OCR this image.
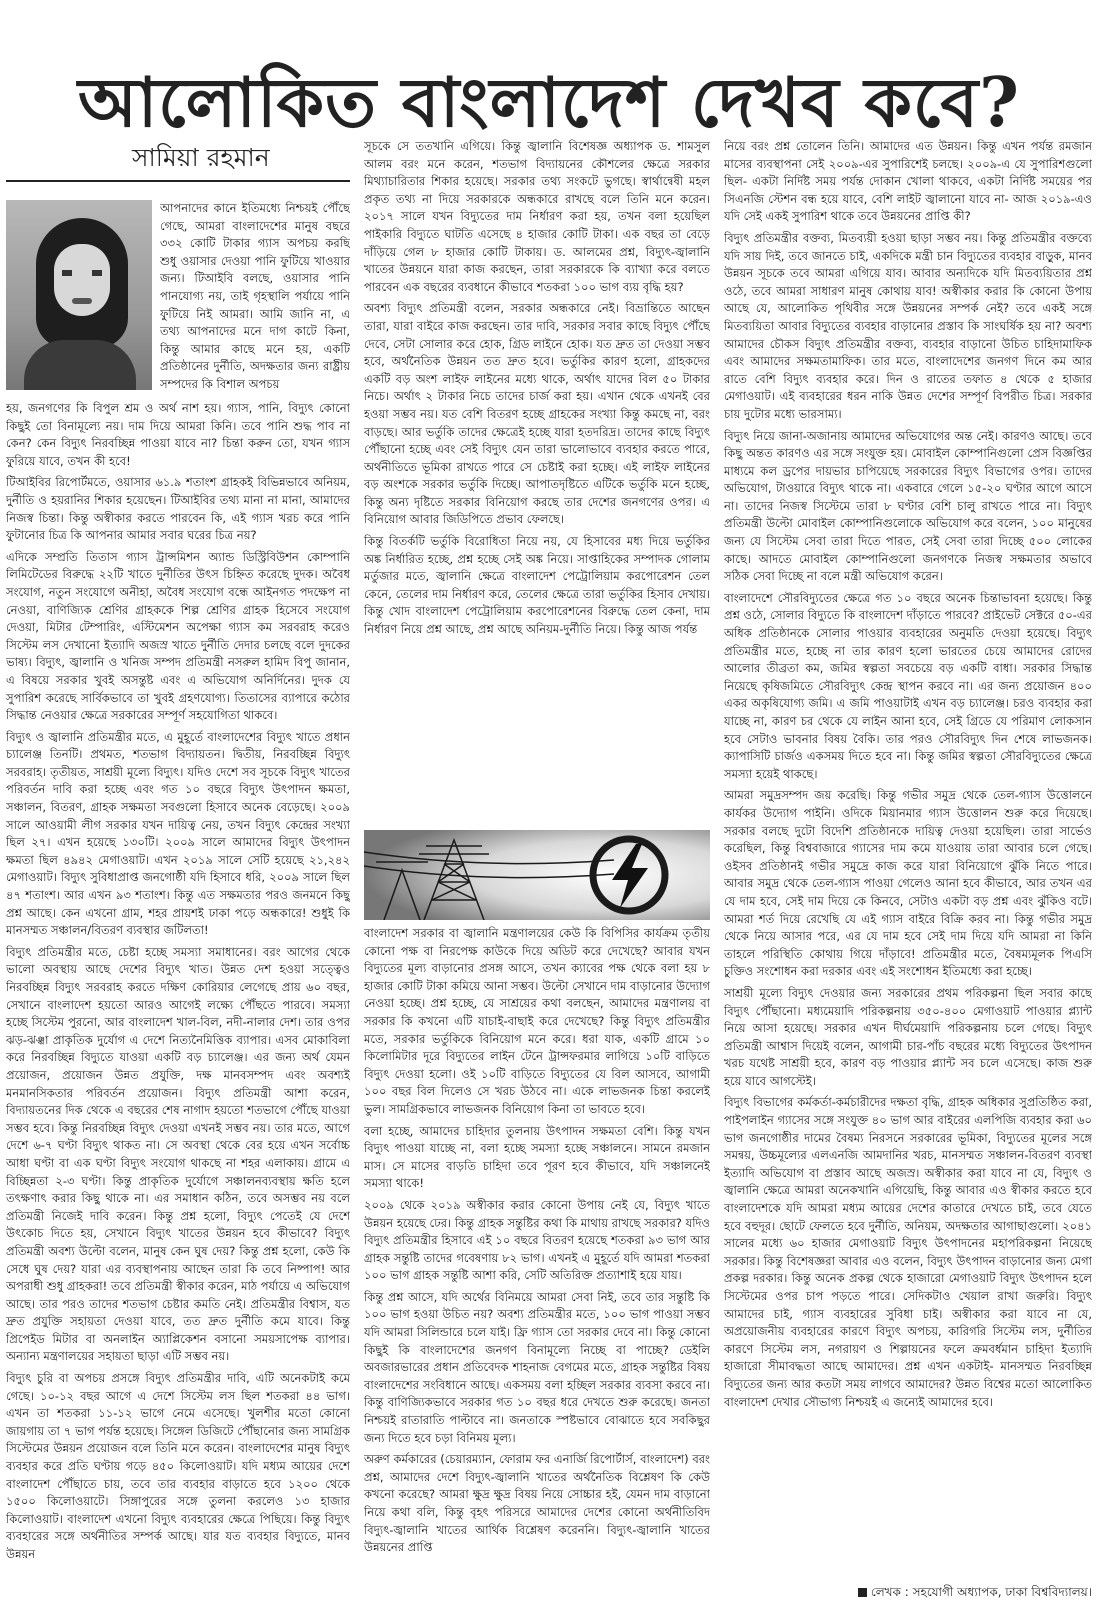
আলোকিত বাংলাদেশ দেখব কবে?
সামিয়া রহমান

আপনাদের কানে ইতিমধ্যে নিশ্চয়ই পৌঁছে গেছে, আমরা বাংলাদেশের মানুষ বছরে ৩৩২ কোটি টাকার গ্যাস অপচয় করছি শুধু ওয়াসার দেওয়া পানি ফুটিয়ে খাওয়ার জন্য। টিআইবি বলছে, ওয়াসার পানি পানযোগ্য নয়, তাই গৃহস্থালি পর্যায়ে পানি ফুটিয়ে নিই আমরা। আমি জানি না, এ তথ্য আপনাদের মনে দাগ কাটে কিনা, কিন্তু আমার কাছে মনে হয়, একটি প্রতিষ্ঠানের দুর্নীতি, অদক্ষতার জন্য রাষ্ট্রীয় সম্পদের কি বিশাল অপচয়

হয়, জনগণের কি বিপুল শ্রম ও অর্থ নাশ হয়। গ্যাস, পানি, বিদ্যুৎ কোনো কিছুই তো বিনামূল্যে নয়। দাম দিয়ে আমরা কিনি। তবে পানি শুদ্ধ পাব না কেন? কেন বিদ্যুৎ নিরবচ্ছিন্ন পাওয়া যাবে না? চিন্তা করুন তো, যখন গ্যাস ফুরিয়ে যাবে, তখন কী হবে!

টিআইবির রিপোর্টমতে, ওয়াসার ৬১.৯ শতাংশ গ্রাহকই বিভিন্নভাবে অনিয়ম, দুর্নীতি ও হয়রানির শিকার হয়েছেন। টিআইবির তথ্য মানা না মানা, আমাদের নিজস্ব চিন্তা। কিন্তু অস্বীকার করতে পারবেন কি, এই গ্যাস খরচ করে পানি ফুটানোর চিত্র কি আপনার আমার সবার ঘরের চিত্র নয়?

এদিকে সম্প্রতি তিতাস গ্যাস ট্রান্সমিশন অ্যান্ড ডিস্ট্রিবিউশন কোম্পানি লিমিটেডের বিরুদ্ধে ২২টি খাতে দুর্নীতির উৎস চিহ্নিত করেছে দুদক। অবৈধ সংযোগ, নতুন সংযোগে অনীহা, অবৈধ সংযোগ বন্ধে আইনগত পদক্ষেপ না নেওয়া, বাণিজ্যিক শ্রেণির গ্রাহককে শিল্প শ্রেণির গ্রাহক হিসেবে সংযোগ দেওয়া, মিটার টেম্পারিং, এস্টিমেশন অপেক্ষা গ্যাস কম সরবরাহ করেও সিস্টেম লস দেখানো ইত্যাদি অজস্র খাতে দুর্নীতি দেদার চলছে বলে দুদকের ভাষ্য। বিদ্যুৎ, জ্বালানি ও খনিজ সম্পদ প্রতিমন্ত্রী নসরুল হামিদ বিপু জানান, এ বিষয়ে সরকার খুবই অসন্তুষ্ট এবং এ অভিযোগ অনির্দিনের। দুদক যে সুপারিশ করেছে সার্বিকভাবে তা খুবই গ্রহণযোগ্য। তিতাসের ব্যাপারে কঠোর সিদ্ধান্ত নেওয়ার ক্ষেত্রে সরকারের সম্পূর্ণ সহযোগিতা থাকবে।

বিদ্যুৎ ও জ্বালানি প্রতিমন্ত্রীর মতে, এ মুহূর্তে বাংলাদেশের বিদ্যুৎ খাতে প্রধান চ্যালেঞ্জ তিনটি। প্রথমত, শতভাগ বিদ্যায়তন। দ্বিতীয়, নিরবচ্ছিন্ন বিদ্যুৎ সরবরাহ। তৃতীয়ত, সাশ্রয়ী মূল্যে বিদ্যুৎ। যদিও দেশে সব সূচকে বিদ্যুৎ খাতের পরিবর্তন দাবি করা হচ্ছে এবং গত ১০ বছরে বিদ্যুৎ উৎপাদন ক্ষমতা, সঞ্চালন, বিতরণ, গ্রাহক সক্ষমতা সবগুলো হিসাবে অনেক বেড়েছে। ২০০৯ সালে আওয়ামী লীগ সরকার যখন দায়িত্ব নেয়, তখন বিদ্যুৎ কেন্দ্রের সংখ্যা ছিল ২৭। এখন হয়েছে ১৩০টি। ২০০৯ সালে আমাদের বিদ্যুৎ উৎপাদন ক্ষমতা ছিল ৪৯৪২ মেগাওয়াট। এখন ২০১৯ সালে সেটি হয়েছে ২১,২৪২ মেগাওয়াট। বিদ্যুৎ সুবিধাপ্রাপ্ত জনগোষ্ঠী যদি হিসাবে ধরি, ২০০৯ সালে ছিল ৪৭ শতাংশ। আর এখন ৯৩ শতাংশ। কিন্তু এত সক্ষমতার পরও জনমনে কিছু প্রশ্ন আছে। কেন এখনো গ্রাম, শহর প্রায়শই ঢাকা পড়ে অন্ধকারে! শুধুই কি মানসম্মত সঞ্চালন/বিতরণ ব্যবস্থার জটিলতা!

বিদ্যুৎ প্রতিমন্ত্রীর মতে, চেষ্টা হচ্ছে সমস্যা সমাধানের। বরং আগের থেকে ভালো অবস্থায় আছে দেশের বিদ্যুৎ খাত। উন্নত দেশ হওয়া সত্ত্বেও নিরবচ্ছিন্ন বিদ্যুৎ সরবরাহ করতে দক্ষিণ কোরিয়ার লেগেছে প্রায় ৬০ বছর, সেখানে বাংলাদেশ হয়তো আরও আগেই লক্ষ্যে পৌঁছতে পারবে। সমস্যা হচ্ছে সিস্টেম পুরনো, আর বাংলাদেশ খাল-বিল, নদী-নালার দেশ। তার ওপর ঝড়-ঝঞ্ঝা প্রাকৃতিক দুর্যোগ এ দেশে নিত্যনৈমিত্তিক ব্যাপার। এসব মোকাবিলা করে নিরবচ্ছিন্ন বিদ্যুতে যাওয়া একটি বড় চ্যালেঞ্জ। এর জন্য অর্থ যেমন প্রয়োজন, প্রয়োজন উন্নত প্রযুক্তি, দক্ষ মানবসম্পদ এবং অবশ্যই মনমানসিকতার পরিবর্তন প্রয়োজন। বিদ্যুৎ প্রতিমন্ত্রী আশা করেন, বিদ্যায়তনের দিক থেকে এ বছরের শেষ নাগাদ হয়তো শতভাগে পৌঁছে যাওয়া সম্ভব হবে। কিন্তু নিরবচ্ছিন্ন বিদ্যুৎ দেওয়া এখনই সম্ভব নয়। তার মতে, আগে দেশে ৬-৭ ঘণ্টা বিদ্যুৎ থাকত না। সে অবস্থা থেকে বের হয়ে এখন সর্বোচ্চ আধা ঘণ্টা বা এক ঘণ্টা বিদ্যুৎ সংযোগ থাকছে না শহর এলাকায়। গ্রামে এ বিচ্ছিন্নতা ২-৩ ঘণ্টা। কিন্তু প্রাকৃতিক দুর্যোগে সঞ্চালনব্যবস্থায় ক্ষতি হলে তৎক্ষণাৎ করার কিছু থাকে না। এর সমাধান কঠিন, তবে অসম্ভব নয় বলে প্রতিমন্ত্রী নিজেই দাবি করেন। কিন্তু প্রশ্ন হলো, বিদ্যুৎ পেতেই যে দেশে উৎকোচ দিতে হয়, সেখানে বিদ্যুৎ খাতের উন্নয়ন হবে কীভাবে? বিদ্যুৎ প্রতিমন্ত্রী অবশ্য উল্টো বলেন, মানুষ কেন ঘুষ দেয়? কিন্তু প্রশ্ন হলো, কেউ কি সেধে ঘুষ দেয়? যারা এর ব্যবস্থাপনায় আছেন তারা কি তবে নিষ্পাপ! আর অপরাধী শুধু গ্রাহকরা! তবে প্রতিমন্ত্রী স্বীকার করেন, মাঠ পর্যায়ে এ অভিযোগ আছে। তার পরও তাদের শতভাগ চেষ্টার কমতি নেই। প্রতিমন্ত্রীর বিশ্বাস, যত দ্রুত প্রযুক্তি সহায়তা দেওয়া যাবে, তত দ্রুত দুর্নীতি কমে যাবে। কিন্তু প্রিপেইড মিটার বা অনলাইন অ্যাপ্লিকেশন বসানো সময়সাপেক্ষ ব্যাপার। অন্যান্য মন্ত্রণালয়ের সহায়তা ছাড়া এটি সম্ভব নয়।

বিদ্যুৎ চুরি বা অপচয় প্রসঙ্গে বিদ্যুৎ প্রতিমন্ত্রীর দাবি, এটি অনেকটাই কমে গেছে। ১০-১২ বছর আগে এ দেশে সিস্টেম লস ছিল শতকরা ৪৪ ভাগ। এখন তা শতকরা ১১-১২ ভাগে নেমে এসেছে। খুলশীর মতো কোনো জায়গায় তা ৭ ভাগ পর্যন্ত হয়েছে। সিঙ্গেল ডিজিটে পৌঁছানোর জন্য সামগ্রিক সিস্টেমের উন্নয়ন প্রয়োজন বলে তিনি মনে করেন। বাংলাদেশের মানুষ বিদ্যুৎ ব্যবহার করে প্রতি ঘণ্টায় গড়ে ৪৫০ কিলোওয়াট। যদি মধ্যম আয়ের দেশে বাংলাদেশ পৌঁছাতে চায়, তবে তার ব্যবহার বাড়াতে হবে ১২০০ থেকে ১৫০০ কিলোওয়াটে। সিঙ্গাপুরের সঙ্গে তুলনা করলেও ১৩ হাজার কিলোওয়াট। বাংলাদেশ এখনো বিদ্যুৎ ব্যবহারের ক্ষেত্রে পিছিয়ে। কিন্তু বিদ্যুৎ ব্যবহারের সঙ্গে অর্থনীতির সম্পর্ক আছে। যার যত ব্যবহার বিদ্যুতে, মানব উন্নয়ন

সূচকে সে ততখানি এগিয়ে। কিন্তু জ্বালানি বিশেষজ্ঞ অধ্যাপক ড. শামসুল আলম বরং মনে করেন, শতভাগ বিদ্যায়নের কৌশলের ক্ষেত্রে সরকার মিথ্যাচারিতার শিকার হয়েছে। সরকার তথ্য সংকটে ভুগছে। স্বার্থান্বেষী মহল প্রকৃত তথ্য না দিয়ে সরকারকে অন্ধকারে রাখছে বলে তিনি মনে করেন। ২০১৭ সালে যখন বিদ্যুতের দাম নির্ধারণ করা হয়, তখন বলা হয়েছিল পাইকারি বিদ্যুতে ঘাটতি এসেছে ৪ হাজার কোটি টাকা। এক বছর তা বেড়ে দাঁড়িয়ে গেল ৮ হাজার কোটি টাকায়। ড. আলমের প্রশ্ন, বিদ্যুৎ-জ্বালানি খাতের উন্নয়নে যারা কাজ করছেন, তারা সরকারকে কি ব্যাখ্যা করে বলতে পারবেন এক বছরের ব্যবধানে কীভাবে শতকরা ১০০ ভাগ ব্যয় বৃদ্ধি হয়?

অবশ্য বিদ্যুৎ প্রতিমন্ত্রী বলেন, সরকার অন্ধকারে নেই। বিভ্রান্তিতে আছেন তারা, যারা বাইরে কাজ করছেন। তার দাবি, সরকার সবার কাছে বিদ্যুৎ পৌঁছে দেবে, সেটা সোলার করে হোক, গ্রিড লাইনে হোক। যত দ্রুত তা দেওয়া সম্ভব হবে, অর্থনৈতিক উন্নয়ন তত দ্রুত হবে। ভর্তুকির কারণ হলো, গ্রাহকদের একটি বড় অংশ লাইফ লাইনের মধ্যে থাকে, অর্থাৎ যাদের বিল ৫০ টাকার নিচে। অর্থাৎ ২ টাকার নিচে তাদের চার্জ করা হয়। এখান থেকে এখনই বের হওয়া সম্ভব নয়। যত বেশি বিতরণ হচ্ছে গ্রাহকের সংখ্যা কিন্তু কমছে না, বরং বাড়ছে। আর ভর্তুকি তাদের ক্ষেত্রেই হচ্ছে যারা হতদরিদ্র। তাদের কাছে বিদ্যুৎ পৌঁছানো হচ্ছে এবং সেই বিদ্যুৎ যেন তারা ভালোভাবে ব্যবহার করতে পারে, অর্থনীতিতে ভূমিকা রাখতে পারে সে চেষ্টাই করা হচ্ছে। এই লাইফ লাইনের বড় অংশকে সরকার ভর্তুকি দিচ্ছে। আপাতদৃষ্টিতে এটিকে ভর্তুকি মনে হচ্ছে, কিন্তু অন্য দৃষ্টিতে সরকার বিনিয়োগ করছে তার দেশের জনগণের ওপর। এ বিনিয়োগ আবার জিডিপিতে প্রভাব ফেলছে।

কিন্তু বিতর্কটি ভর্তুকি বিরোধিতা নিয়ে নয়, যে হিসাবের মধ্য দিয়ে ভর্তুকির অঙ্ক নির্ধারিত হচ্ছে, প্রশ্ন হচ্ছে সেই অঙ্ক নিয়ে। সাপ্তাহিকের সম্পাদক গোলাম মর্তুজার মতে, জ্বালানি ক্ষেত্রে বাংলাদেশ পেট্রোলিয়াম করপোরেশন তেল কেনে, তেলের দাম নির্ধারণ করে, তেলের ক্ষেত্রে তারা ভর্তুকির হিসাব দেখায়। কিন্তু খোদ বাংলাদেশ পেট্রোলিয়াম করপোরেশনের বিরুদ্ধে তেল কেনা, দাম নির্ধারণ নিয়ে প্রশ্ন আছে, প্রশ্ন আছে অনিয়ম-দুর্নীতি নিয়ে। কিন্তু আজ পর্যন্ত

বাংলাদেশ সরকার বা জ্বালানি মন্ত্রণালয়ের কেউ কি বিপিসির কার্যক্রম তৃতীয় কোনো পক্ষ বা নিরপেক্ষ কাউকে দিয়ে অডিট করে দেখেছে? আবার যখন বিদ্যুতের মূল্য বাড়ানোর প্রসঙ্গ আসে, তখন ক্যাবের পক্ষ থেকে বলা হয় ৮ হাজার কোটি টাকা কমিয়ে আনা সম্ভব। উল্টো সেখানে দাম বাড়ানোর উদ্যোগ নেওয়া হচ্ছে। প্রশ্ন হচ্ছে, যে সাশ্রয়ের কথা বলছেন, আমাদের মন্ত্রণালয় বা সরকার কি কখনো এটি যাচাই-বাছাই করে দেখেছে? কিন্তু বিদ্যুৎ প্রতিমন্ত্রীর মতে, সরকার ভর্তুকিকে বিনিয়োগ মনে করে। ধরা যাক, একটি গ্রামে ১০ কিলোমিটার দূরে বিদ্যুতের লাইন টেনে ট্রান্সফরমার লাগিয়ে ১০টি বাড়িতে বিদ্যুৎ দেওয়া হলো। ওই ১০টি বাড়িতে বিদ্যুতের যে বিল আসবে, আগামী ১০০ বছর বিল দিলেও সে খরচ উঠবে না। একে লাভজনক চিন্তা করলেই ভুল। সামগ্রিকভাবে লাভজনক বিনিয়োগ কিনা তা ভাবতে হবে।

বলা হচ্ছে, আমাদের চাহিদার তুলনায় উৎপাদন সক্ষমতা বেশি। কিন্তু যখন বিদ্যুৎ পাওয়া যাচ্ছে না, বলা হচ্ছে সমস্যা হচ্ছে সঞ্চালনে। সামনে রমজান মাস। সে মাসের বাড়তি চাহিদা তবে পূরণ হবে কীভাবে, যদি সঞ্চালনেই সমস্যা থাকে!

২০০৯ থেকে ২০১৯ অস্বীকার করার কোনো উপায় নেই যে, বিদ্যুৎ খাতে উন্নয়ন হয়েছে ঢের। কিন্তু গ্রাহক সন্তুষ্টির কথা কি মাথায় রাখছে সরকার? যদিও বিদ্যুৎ প্রতিমন্ত্রীর হিসাবে এই ১০ বছরে বিতরণ হয়েছে শতকরা ৯৩ ভাগ আর গ্রাহক সন্তুষ্টি তাদের গবেষণায় ৮২ ভাগ। এখনই এ মুহূর্তে যদি আমরা শতকরা ১০০ ভাগ গ্রাহক সন্তুষ্টি আশা করি, সেটি অতিরিক্ত প্রত্যাশাই হয়ে যায়।

কিন্তু প্রশ্ন আসে, যদি অর্থের বিনিময়ে আমরা সেবা নিই, তবে তার সন্তুষ্টি কি ১০০ ভাগ হওয়া উচিত নয়? অবশ্য প্রতিমন্ত্রীর মতে, ১০০ ভাগ পাওয়া সম্ভব যদি আমরা সিলিন্ডারে চলে যাই। ফ্রি গ্যাস তো সরকার দেবে না। কিন্তু কোনো কিছুই কি বাংলাদেশের জনগণ বিনামূল্যে নিচ্ছে বা পাচ্ছে? ডেইলি অবজারভারের প্রধান প্রতিবেদক শাহনাজ বেগমের মতে, গ্রাহক সন্তুষ্টির বিষয় বাংলাদেশের সংবিধানে আছে। একসময় বলা হচ্ছিল সরকার ব্যবসা করবে না। কিন্তু বাণিজ্যিকভাবে সরকার গত ১০ বছর ধরে দেখতে শুরু করেছে। জনতা নিশ্চয়ই রাতারাতি পাল্টাবে না। জনতাকে স্পষ্টভাবে বোঝাতে হবে সবকিছুর জন্য দিতে হবে চড়া বিনিময় মূল্য।

অরুণ কর্মকারের (চেয়ারম্যান, ফোরাম ফর এনার্জি রিপোর্টার্স, বাংলাদেশ) বরং প্রশ্ন, আমাদের দেশে বিদ্যুৎ-জ্বালানি খাতের অর্থনৈতিক বিশ্লেষণ কি কেউ কখনো করেছে? আমরা ক্ষুদ্র ক্ষুদ্র বিষয় নিয়ে সোচ্চার হই, যেমন দাম বাড়ানো নিয়ে কথা বলি, কিন্তু বৃহৎ পরিসরে আমাদের দেশের কোনো অর্থনীতিবিদ বিদ্যুৎ-জ্বালানি খাতের আর্থিক বিশ্লেষণ করেননি। বিদ্যুৎ-জ্বালানি খাতের উন্নয়নের প্রাপ্তি

নিয়ে বরং প্রশ্ন তোলেন তিনি। আমাদের এত উন্নয়ন। কিন্তু এখন পর্যন্ত রমজান মাসের ব্যবস্থাপনা সেই ২০০৯-এর সুপারিশেই চলছে। ২০০৯-এ যে সুপারিশগুলো ছিল- একটা নির্দিষ্ট সময় পর্যন্ত দোকান খোলা থাকবে, একটা নির্দিষ্ট সময়ের পর সিএনজি স্টেশন বন্ধ হয়ে যাবে, বেশি লাইট জ্বালানো যাবে না- আজ ২০১৯-এও যদি সেই একই সুপারিশ থাকে তবে উন্নয়নের প্রাপ্তি কী?

বিদ্যুৎ প্রতিমন্ত্রীর বক্তব্য, মিতব্যয়ী হওয়া ছাড়া সম্ভব নয়। কিন্তু প্রতিমন্ত্রীর বক্তব্যে যদি সায় দিই, তবে জানতে চাই, একদিকে মন্ত্রী চান বিদ্যুতের ব্যবহার বাড়ুক, মানব উন্নয়ন সূচকে তবে আমরা এগিয়ে যাব। আবার অন্যদিকে যদি মিতব্যয়িতার প্রশ্ন ওঠে, তবে আমরা সাধারণ মানুষ কোথায় যাব! অস্বীকার করার কি কোনো উপায় আছে যে, আলোকিত পৃথিবীর সঙ্গে উন্নয়নের সম্পর্ক নেই? তবে একই সঙ্গে মিতব্যয়িতা আবার বিদ্যুতের ব্যবহার বাড়ানোর প্রস্তাব কি সাংঘর্ষিক হয় না? অবশ্য আমাদের চৌকস বিদ্যুৎ প্রতিমন্ত্রীর বক্তব্য, ব্যবহার বাড়ানো উচিত চাহিদামাফিক এবং আমাদের সক্ষমতামাফিক। তার মতে, বাংলাদেশের জনগণ দিনে কম আর রাতে বেশি বিদ্যুৎ ব্যবহার করে। দিন ও রাতের তফাত ৪ থেকে ৫ হাজার মেগাওয়াট। এই ব্যবহারের ধরন নাকি উন্নত দেশের সম্পূর্ণ বিপরীত চিত্র। সরকার চায় দুটোর মধ্যে ভারসাম্য।

বিদ্যুৎ নিয়ে জানা-অজানায় আমাদের অভিযোগের অন্ত নেই। কারণও আছে। তবে কিছু অন্তত কারণও এর সঙ্গে সংযুক্ত হয়। মোবাইল কোম্পানিগুলো প্রেস বিজ্ঞপ্তির মাধ্যমে কল ড্রপের দায়ভার চাপিয়েছে সরকারের বিদ্যুৎ বিভাগের ওপর। তাদের অভিযোগ, টাওয়ারে বিদ্যুৎ থাকে না। একবারে গেলে ১৫-২০ ঘণ্টার আগে আসে না। তাদের নিজস্ব সিস্টেমে তারা ৮ ঘণ্টার বেশি চালু রাখতে পারে না। বিদ্যুৎ প্রতিমন্ত্রী উল্টো মোবাইল কোম্পানিগুলোকে অভিযোগ করে বলেন, ১০০ মানুষের জন্য যে সিস্টেম সেবা তারা দিতে পারত, সেই সেবা তারা দিচ্ছে ৫০০ লোকের কাছে। আদতে মোবাইল কোম্পানিগুলো জনগণকে নিজস্ব সক্ষমতার অভাবে সঠিক সেবা দিচ্ছে না বলে মন্ত্রী অভিযোগ করেন।

বাংলাদেশে সৌরবিদ্যুতের ক্ষেত্রে গত ১০ বছরে অনেক চিন্তাভাবনা হয়েছে। কিন্তু প্রশ্ন ওঠে, সোলার বিদ্যুতে কি বাংলাদেশ দাঁড়াতে পারবে? প্রাইভেট সেক্টরে ৫০-এর অধিক প্রতিষ্ঠানকে সোলার পাওয়ার ব্যবহারের অনুমতি দেওয়া হয়েছে। বিদ্যুৎ প্রতিমন্ত্রীর মতে, হচ্ছে না তার কারণ হলো ভারতের চেয়ে আমাদের রোদের আলোর তীব্রতা কম, জমির স্বল্পতা সবচেয়ে বড় একটি বাধা। সরকার সিদ্ধান্ত নিয়েছে কৃষিজমিতে সৌরবিদ্যুৎ কেন্দ্র স্থাপন করবে না। এর জন্য প্রয়োজন ৪০০ একর অকৃষিযোগ্য জমি। এ জমি পাওয়াটাই এখন বড় চ্যালেঞ্জ। চরও ব্যবহার করা যাচ্ছে না, কারণ চর থেকে যে লাইন আনা হবে, সেই গ্রিডে যে পরিমাণ লোকসান হবে সেটাও ভাবনার বিষয় বৈকি। তার পরও সৌরবিদ্যুৎ দিন শেষে লাভজনক। ক্যাপাসিটি চার্জও একসময় দিতে হবে না। কিন্তু জমির স্বল্পতা সৌরবিদ্যুতের ক্ষেত্রে সমস্যা হয়েই থাকছে।

আমরা সমুদ্রসম্পদ জয় করেছি। কিন্তু গভীর সমুদ্র থেকে তেল-গ্যাস উত্তোলনে কার্যকর উদ্যোগ পাইনি। ওদিকে মিয়ানমার গ্যাস উত্তোলন শুরু করে দিয়েছে। সরকার বলছে দুটো বিদেশি প্রতিষ্ঠানকে দায়িত্ব দেওয়া হয়েছিল। তারা সার্ভেও করেছিল, কিন্তু বিশ্ববাজারে গ্যাসের দাম কমে যাওয়ায় তারা আবার চলে গেছে। ওইসব প্রতিষ্ঠানই গভীর সমুদ্রে কাজ করে যারা বিনিয়োগে ঝুঁকি নিতে পারে। আবার সমুদ্র থেকে তেল-গ্যাস পাওয়া গেলেও আনা হবে কীভাবে, আর তখন এর যে দাম হবে, সেই দাম দিয়ে কে কিনবে, সেটাও একটা বড় প্রশ্ন এবং ঝুঁকিও বটে। আমরা শর্ত দিয়ে রেখেছি যে এই গ্যাস বাইরে বিক্রি করব না। কিন্তু গভীর সমুদ্র থেকে নিয়ে আসার পরে, এর যে দাম হবে সেই দাম দিয়ে যদি আমরা না কিনি তাহলে পরিস্থিতি কোথায় গিয়ে দাঁড়াবে! প্রতিমন্ত্রীর মতে, বৈষম্যমূলক পিএসি চুক্তিও সংশোধন করা দরকার এবং এই সংশোধন ইতিমধ্যে করা হচ্ছে।

সাশ্রয়ী মূল্যে বিদ্যুৎ দেওয়ার জন্য সরকারের প্রথম পরিকল্পনা ছিল সবার কাছে বিদ্যুৎ পৌঁছানো। মধ্যমেয়াদি পরিকল্পনায় ৩৫০-৪০০ মেগাওয়াট পাওয়ার প্ল্যান্ট নিয়ে আসা হয়েছে। সরকার এখন দীর্ঘমেয়াদি পরিকল্পনায় চলে গেছে। বিদ্যুৎ প্রতিমন্ত্রী আশ্বাস দিয়েই বলেন, আগামী চার-পাঁচ বছরের মধ্যে বিদ্যুতের উৎপাদন খরচ যথেষ্ট সাশ্রয়ী হবে, কারণ বড় পাওয়ার প্ল্যান্ট সব চলে এসেছে। কাজ শুরু হয়ে যাবে আগস্টেই।

বিদ্যুৎ বিভাগের কর্মকর্তা-কর্মচারীদের দক্ষতা বৃদ্ধি, গ্রাহক অধিকার সুপ্রতিষ্ঠিত করা, পাইপলাইন গ্যাসের সঙ্গে সংযুক্ত ৪০ ভাগ আর বাইরের এলপিজি ব্যবহার করা ৬০ ভাগ জনগোষ্ঠীর দামের বৈষম্য নিরসনে সরকারের ভূমিকা, বিদ্যুতের মূলের সঙ্গে সমন্বয়, উচ্চমূল্যের এলএনজি আমদানির খরচ, মানসম্মত সঞ্চালন-বিতরণ ব্যবস্থা ইত্যাদি অভিযোগ বা প্রস্তাব আছে অজস্র। অস্বীকার করা যাবে না যে, বিদ্যুৎ ও জ্বালানি ক্ষেত্রে আমরা অনেকখানি এগিয়েছি, কিন্তু আবার এও স্বীকার করতে হবে বাংলাদেশকে যদি আমরা মধ্যম আয়ের দেশের কাতারে দেখতে চাই, তবে যেতে হবে বহুদূর। ছোটে ফেলতে হবে দুর্নীতি, অনিয়ম, অদক্ষতার আগাছাগুলো। ২০৪১ সালের মধ্যে ৬০ হাজার মেগাওয়াট বিদ্যুৎ উৎপাদনের মহাপরিকল্পনা নিয়েছে সরকার। কিন্তু বিশেষজ্ঞরা আবার এও বলেন, বিদ্যুৎ উৎপাদন বাড়ানোর জন্য মেগা প্রকল্প দরকার। কিন্তু অনেক প্রকল্প থেকে হাজারো মেগাওয়াট বিদ্যুৎ উৎপাদন হলে সিস্টেমের ওপর চাপ পড়তে পারে। সেদিকটাও খেয়াল রাখা জরুরি। বিদ্যুৎ আমাদের চাই, গ্যাস ব্যবহারের সুবিধা চাই। অস্বীকার করা যাবে না যে, অপ্রয়োজনীয় ব্যবহারের কারণে বিদ্যুৎ অপচয়, কারিগরি সিস্টেম লস, দুর্নীতির কারণে সিস্টেম লস, নগরায়ণ ও শিল্পায়নের ফলে ক্রমবর্ধমান চাহিদা ইত্যাদি হাজারো সীমাবদ্ধতা আছে আমাদের। প্রশ্ন এখন একটাই- মানসম্মত নিরবচ্ছিন্ন বিদ্যুতের জন্য আর কতটা সময় লাগবে আমাদের? উন্নত বিশ্বের মতো আলোকিত বাংলাদেশ দেখার সৌভাগ্য নিশ্চয়ই এ জন্যেই আমাদের হবে।

লেখক : সহযোগী অধ্যাপক, ঢাকা বিশ্ববিদ্যালয়।
